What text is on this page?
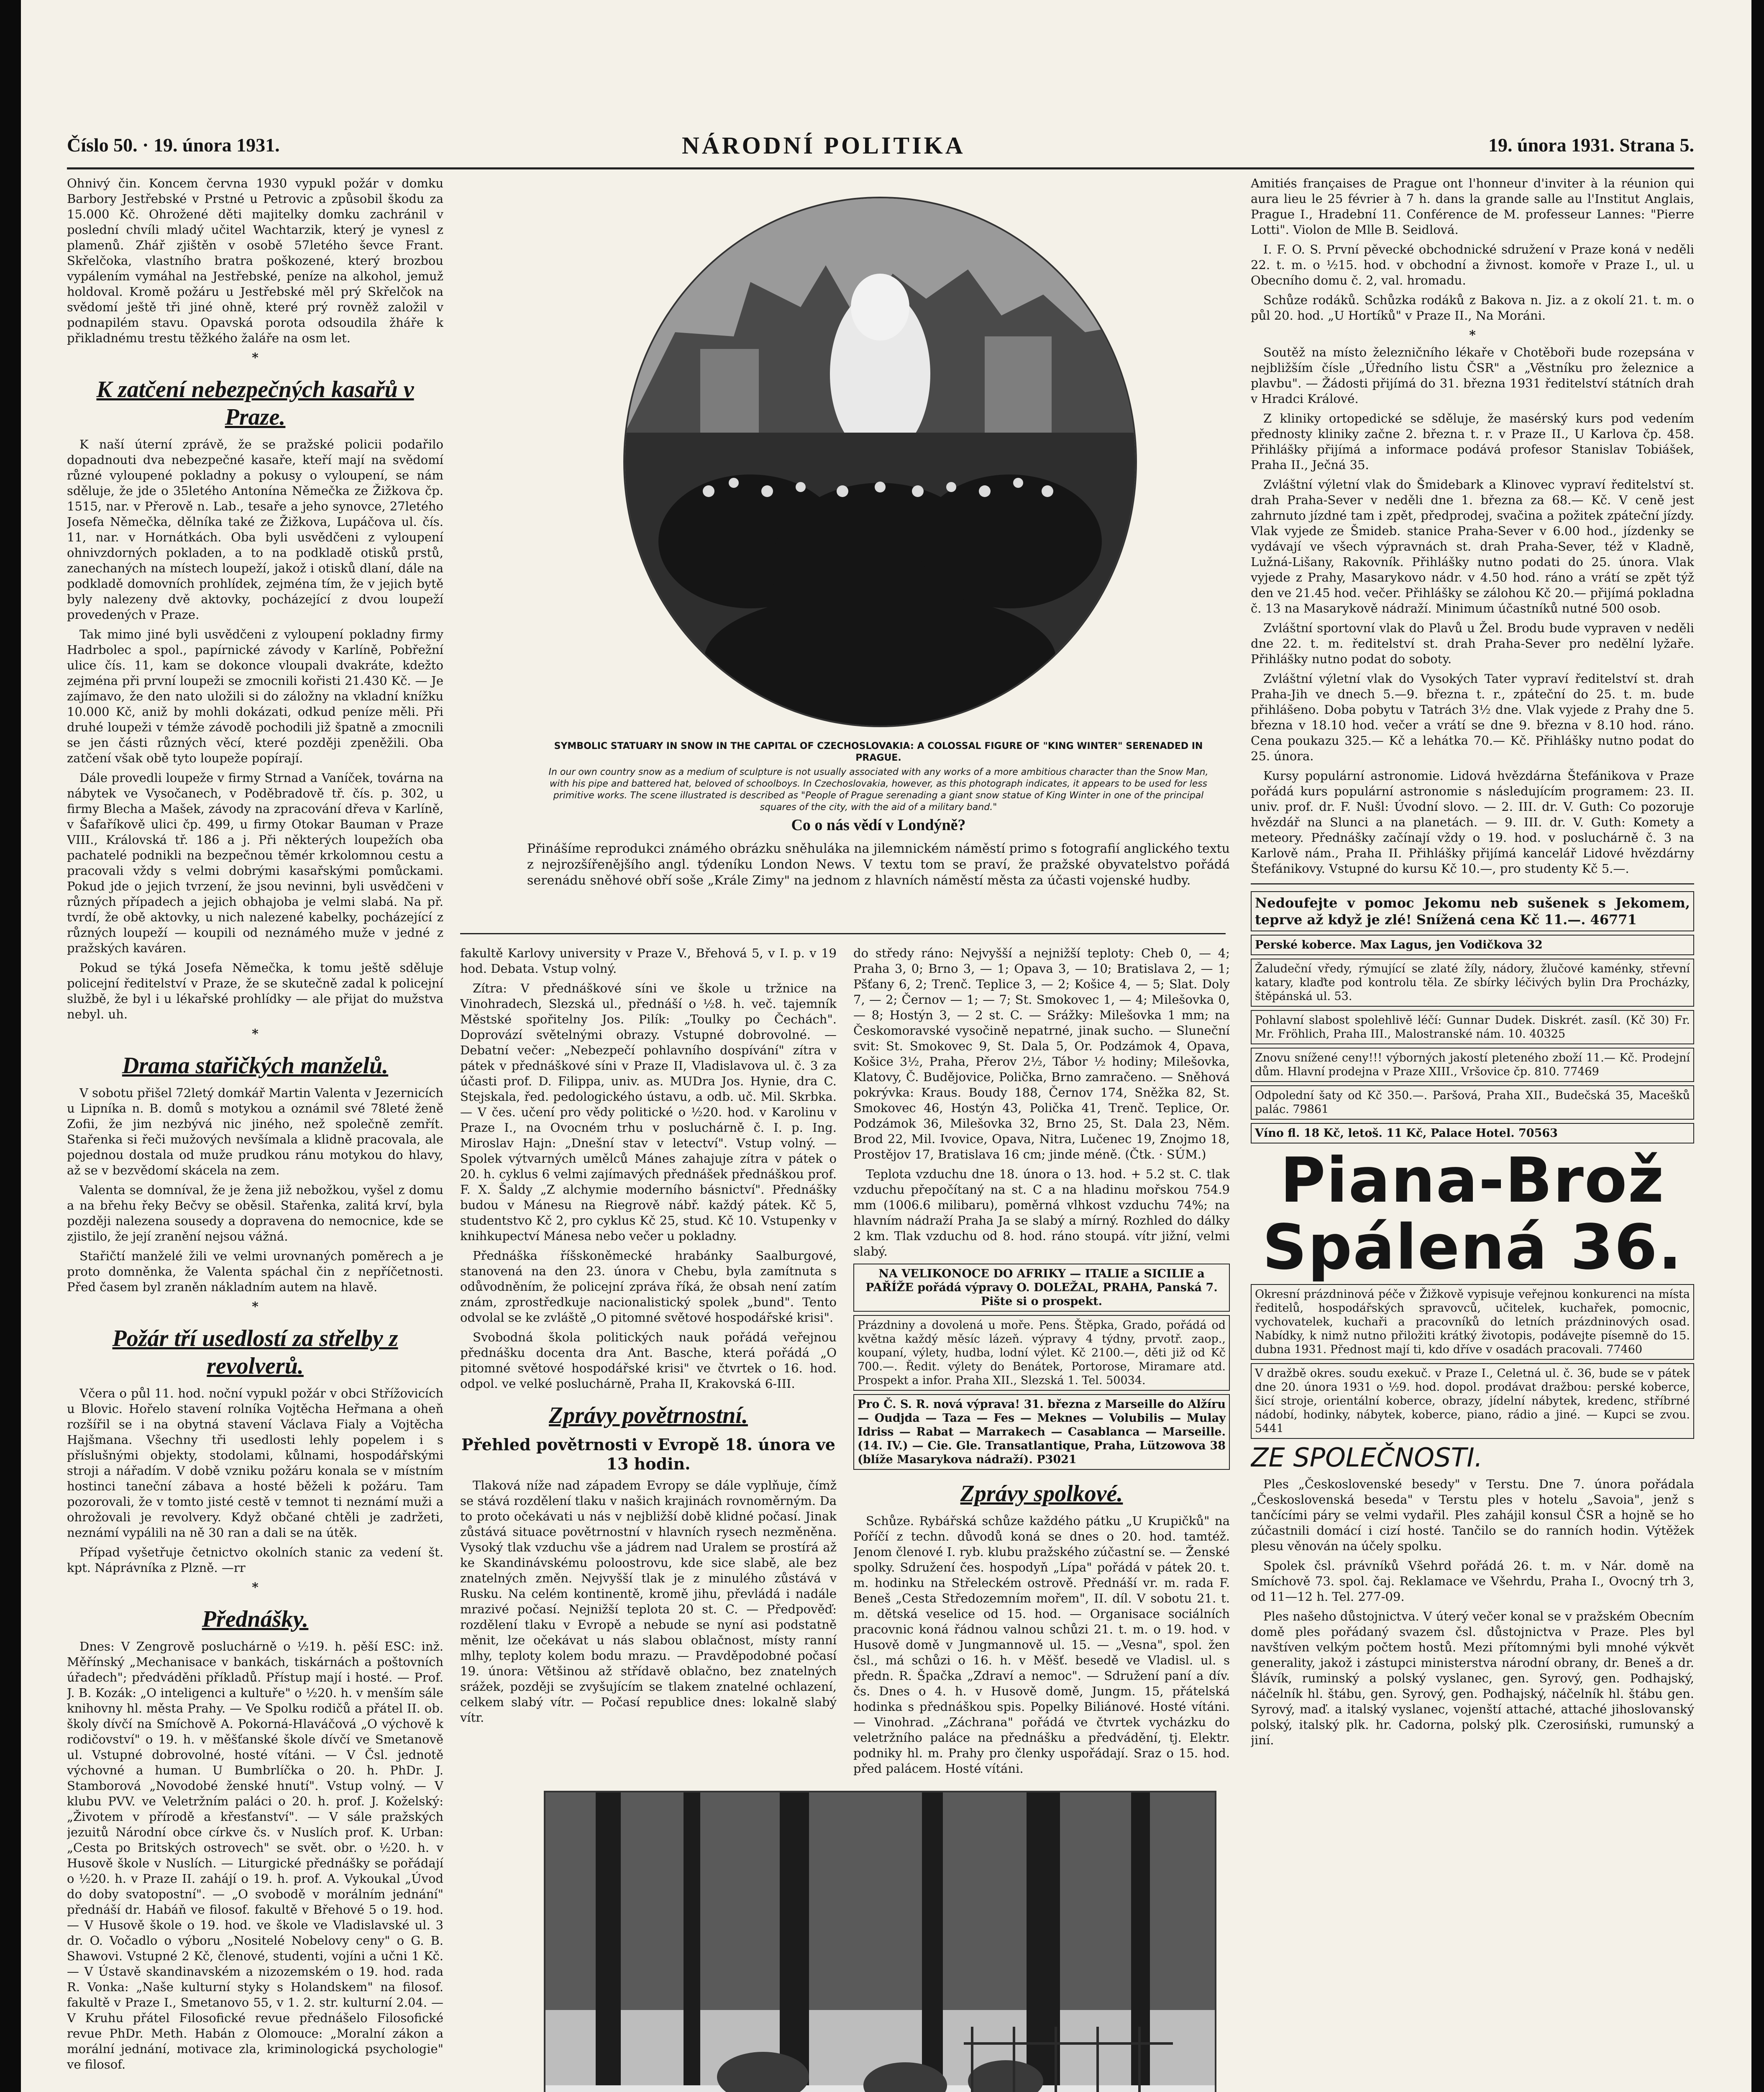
Číslo 50. · 19. února 1931.	NÁRODNÍ POLITIKA	19. února 1931. Strana 5.

Ohnivý čin. Koncem června 1930 vypukl požár v domku Barbory Jestřebské v Prstné u Petrovic a způsobil škodu za 15.000 Kč. Ohrožené děti majitelky domku zachránil v poslední chvíli mladý učitel Wachtarzik, který je vynesl z plamenů. Zhář zjištěn v osobě 57letého ševce Frant. Skřelčoka, vlastního bratra poškozené, který brozbou vypálením vymáhal na Jestřebské, peníze na alkohol, jemuž holdoval. Kromě požáru u Jestřebské měl prý Skřelčok na svědomí ještě tři jiné ohně, které prý rovněž založil v podnapilém stavu. Opavská porota odsoudila žháře k přikladnému trestu těžkého žaláře na osm let.

*
K zatčení nebezpečných kasařů v Praze.

K naší úterní zprávě, že se pražské policii podařilo dopadnouti dva nebezpečné kasaře, kteří mají na svědomí různé vyloupené pokladny a pokusy o vyloupení, se nám sděluje, že jde o 35letého Antonína Němečka ze Žižkova čp. 1515, nar. v Přerově n. Lab., tesaře a jeho synovce, 27letého Josefa Němečka, dělníka také ze Žižkova, Lupáčova ul. čís. 11, nar. v Hornátkách. Oba byli usvědčeni z vyloupení ohnivzdorných pokladen, a to na podkladě otisků prstů, zanechaných na místech loupeží, jakož i otisků dlaní, dále na podkladě domovních prohlídek, zejména tím, že v jejich bytě byly nalezeny dvě aktovky, pocházející z dvou loupeží provedených v Praze.

Tak mimo jiné byli usvědčeni z vyloupení pokladny firmy Hadrbolec a spol., papírnické závody v Karlíně, Pobřežní ulice čís. 11, kam se dokonce vloupali dvakráte, kdežto zejména při první loupeži se zmocnili kořisti 21.430 Kč. — Je zajímavo, že den nato uložili si do záložny na vkladní knížku 10.000 Kč, aniž by mohli dokázati, odkud peníze měli. Při druhé loupeži v témže závodě pochodili již špatně a zmocnili se jen části různých věcí, které později zpeněžili. Oba zatčení však obě tyto loupeže popírají.

Dále provedli loupeže v firmy Strnad a Vaníček, továrna na nábytek ve Vysočanech, v Poděbradově tř. čís. p. 302, u firmy Blecha a Mašek, závody na zpracování dřeva v Karlíně, v Šafaříkově ulici čp. 499, u firmy Otokar Bauman v Praze VIII., Královská tř. 186 a j. Při některých loupežích oba pachatelé podnikli na bezpečnou těmér krkolomnou cestu a pracovali vždy s velmi dobrými kasařskými pomůckami. Pokud jde o jejich tvrzení, že jsou nevinni, byli usvědčeni v různých případech a jejich obhajoba je velmi slabá. Na př. tvrdí, že obě aktovky, u nich nalezené kabelky, pocházející z různých loupeží — koupili od neznámého muže v jedné z pražských kaváren.

Pokud se týká Josefa Němečka, k tomu ještě sděluje policejní ředitelství v Praze, že se skutečně zadal k policejní službě, že byl i u lékařské prohlídky — ale přijat do mužstva nebyl. uh.

*
Drama stařičkých manželů.

V sobotu přišel 72letý domkář Martin Valenta v Jezernicích u Lipníka n. B. domů s motykou a oznámil své 78leté ženě Zofii, že jim nezbývá nic jiného, než společně zemřít. Stařenka si řeči mužových nevšímala a klidně pracovala, ale pojednou dostala od muže prudkou ránu motykou do hlavy, až se v bezvědomí skácela na zem.

Valenta se domníval, že je žena již nebožkou, vyšel z domu a na břehu řeky Bečvy se oběsil. Stařenka, zalitá krví, byla později nalezena sousedy a dopravena do nemocnice, kde se zjistilo, že její zranění nejsou vážná.

Stařičtí manželé žili ve velmi urovnaných poměrech a je proto domněnka, že Valenta spáchal čin z nepříčetnosti. Před časem byl zraněn nákladním autem na hlavě.

*
Požár tří usedlostí za střelby z revolverů.

Včera o půl 11. hod. noční vypukl požár v obci Střížovicích u Blovic. Hořelo stavení rolníka Vojtěcha Heřmana a oheň rozšířil se i na obytná stavení Václava Fialy a Vojtěcha Hajšmana. Všechny tři usedlosti lehly popelem i s příslušnými objekty, stodolami, kůlnami, hospodářskými stroji a nářadím. V době vzniku požáru konala se v místním hostinci taneční zábava a hosté běželi k požáru. Tam pozorovali, že v tomto jisté cestě v temnot ti neznámí muži a ohrožovali je revolvery. Když občané chtěli je zadržeti, neznámí vypálili na ně 30 ran a dali se na útěk.

Případ vyšetřuje četnictvo okolních stanic za vedení št. kpt. Náprávníka z Plzně. —rr

*
Přednášky.

Dnes: V Zengrově posluchárně o ½19. h. pěší ESC: inž. Měřínský „Mechanisace v bankách, tiskárnách a poštovních úřadech"; předváděni příkladů. Přístup mají i hosté. — Prof. J. B. Kozák: „O inteligenci a kultuře" o ½20. h. v menším sále knihovny hl. města Prahy. — Ve Spolku rodičů a přátel II. ob. školy dívčí na Smíchově A. Pokorná-Hlaváčová „O výchově k rodičovství" o 19. h. v měšťanské škole dívčí ve Smetanově ul. Vstupné dobrovolné, hosté vítáni. — V Čsl. jednotě výchovné a human. U Bumbrlíčka o 20. h. PhDr. J. Stamborová „Novodobé ženské hnutí". Vstup volný. — V klubu PVV. ve Veletržním paláci o 20. h. prof. J. Koželský: „Životem v přírodě a křesťanství". — V sále pražských jezuitů Národní obce církve čs. v Nuslích prof. K. Urban: „Cesta po Britských ostrovech" se svět. obr. o ½20. h. v Husově škole v Nuslích. — Liturgické přednášky se pořádají o ½20. h. v Praze II. zahájí o 19. h. prof. A. Vykoukal „Úvod do doby svatopostní". — „O svobodě v morálním jednání" přednáší dr. Habáň ve filosof. fakultě v Břehové 5 o 19. hod. — V Husově škole o 19. hod. ve škole ve Vladislavské ul. 3 dr. O. Vočadlo o výboru „Nositelé Nobelovy ceny" o G. B. Shawovi. Vstupné 2 Kč, členové, studenti, vojíni a učni 1 Kč. — V Ústavě skandinavském a nizozemském o 19. hod. rada R. Vonka: „Naše kulturní styky s Holandskem" na filosof. fakultě v Praze I., Smetanovo 55, v 1. 2. str. kulturní 2.04. — V Kruhu přátel Filosofické revue přednášelo Filosofické revue PhDr. Meth. Habán z Olomouce: „Moralní zákon a morální jednání, motivace zla, kriminologická psychologie" ve filosof.

SYMBOLIC STATUARY IN SNOW IN THE CAPITAL OF CZECHOSLOVAKIA: A COLOSSAL FIGURE OF "KING WINTER" SERENADED IN PRAGUE.
In our own country snow as a medium of sculpture is not usually associated with any works of a more ambitious character than the Snow Man, with his pipe and battered hat, beloved of schoolboys. In Czechoslovakia, however, as this photograph indicates, it appears to be used for less primitive works. The scene illustrated is described as "People of Prague serenading a giant snow statue of King Winter in one of the principal squares of the city, with the aid of a military band."
Co o nás vědí v Londýně?
Přinášíme reprodukci známého obrázku sněhuláka na jilemnickém náměstí primo s fotografií anglického textu z nejrozšířenějšího angl. týdeníku London News. V textu tom se praví, že pražské obyvatelstvo pořádá serenádu sněhové obří soše „Krále Zimy" na jednom z hlavních náměstí města za účasti vojenské hudby.

fakultě Karlovy university v Praze V., Břehová 5, v I. p. v 19 hod. Debata. Vstup volný.

Zítra: V přednáškové síni ve škole u tržnice na Vinohradech, Slezská ul., přednáší o ½8. h. več. tajemník Městské spořitelny Jos. Pilík: „Toulky po Čechách". Doprovází světelnými obrazy. Vstupné dobrovolné. — Debatní večer: „Nebezpečí pohlavního dospívání" zítra v pátek v přednáškové síni v Praze II, Vladislavova ul. č. 3 za účasti prof. D. Filippa, univ. as. MUDra Jos. Hynie, dra C. Stejskala, řed. pedologického ústavu, a odb. uč. Mil. Skrbka. — V čes. učení pro vědy politické o ½20. hod. v Karolinu v Praze I., na Ovocném trhu v posluchárně č. I. p. Ing. Miroslav Hajn: „Dnešní stav v letectví". Vstup volný. — Spolek výtvarných umělců Mánes zahajuje zítra v pátek o 20. h. cyklus 6 velmi zajímavých přednášek přednáškou prof. F. X. Šaldy „Z alchymie moderního básnictví". Přednášky budou v Mánesu na Riegrově nábř. každý pátek. Kč 5, studentstvo Kč 2, pro cyklus Kč 25, stud. Kč 10. Vstupenky v knihkupectví Mánesa nebo večer u pokladny.

Přednáška říšskoněmecké hrabánky Saalburgové, stanovená na den 23. února v Chebu, byla zamítnuta s odůvodněním, že policejní zpráva říká, že obsah není zatím znám, zprostředkuje nacionalistický spolek „bund". Tento odvolal se ke zvláště „O pitomné světové hospodářské krisi".

Svobodná škola politických nauk pořádá veřejnou přednášku docenta dra Ant. Basche, která pořádá „O pitomné světové hospodářské krisi" ve čtvrtek o 16. hod. odpol. ve velké posluchárně, Praha II, Krakovská 6-III.

Zprávy povětrnostní.
Přehled povětrnosti v Evropě 18. února ve 13 hodin.

Tlaková níže nad západem Evropy se dále vyplňuje, čímž se stává rozdělení tlaku v našich krajinách rovnoměrným. Da to proto očekávati u nás v nejbližší době klidné počasí. Jinak zůstává situace povětrnostní v hlavních rysech nezměněna. Vysoký tlak vzduchu vše a jádrem nad Uralem se prostírá až ke Skandinávskému poloostrovu, kde sice slabě, ale bez znatelných změn. Nejvyšší tlak je z minulého zůstává v Rusku. Na celém kontinentě, kromě jihu, převládá i nadále mrazivé počasí. Nejnižší teplota 20 st. C. — Předpověď: rozdělení tlaku v Evropě a nebude se nyní asi podstatně měnit, lze očekávat u nás slabou oblačnost, místy ranní mlhy, teploty kolem bodu mrazu. — Pravděpodobné počasí 19. února: Většinou až střídavě oblačno, bez znatelných srážek, později se zvyšujícím se tlakem znatelné ochlazení, celkem slabý vítr. — Počasí republice dnes: lokalně slabý vítr.

do středy ráno: Nejvyšší a nejnižší teploty: Cheb 0, — 4; Praha 3, 0; Brno 3, — 1; Opava 3, — 10; Bratislava 2, — 1; Pšťany 6, 2; Trenč. Teplice 3, — 2; Košice 4, — 5; Slat. Doly 7, — 2; Černov — 1; — 7; St. Smokovec 1, — 4; Milešovka 0, — 8; Hostýn 3, — 2 st. C. — Srážky: Milešovka 1 mm; na Českomoravské vysočině nepatrné, jinak sucho. — Sluneční svit: St. Smokovec 9, St. Dala 5, Or. Podzámok 4, Opava, Košice 3½, Praha, Přerov 2½, Tábor ½ hodiny; Milešovka, Klatovy, Č. Budějovice, Polička, Brno zamračeno. — Sněhová pokrývka: Kraus. Boudy 188, Černov 174, Sněžka 82, St. Smokovec 46, Hostýn 43, Polička 41, Trenč. Teplice, Or. Podzámok 36, Milešovka 32, Brno 25, St. Dala 23, Něm. Brod 22, Mil. Ivovice, Opava, Nitra, Lučenec 19, Znojmo 18, Prostějov 17, Bratislava 16 cm; jinde méně. (Čtk. · SÚM.)

Teplota vzduchu dne 18. února o 13. hod. + 5.2 st. C. tlak vzduchu přepočítaný na st. C a na hladinu mořskou 754.9 mm (1006.6 milibaru), poměrná vlhkost vzduchu 74%; na hlavním nádraží Praha Ja se slabý a mírný. Rozhled do dálky 2 km. Tlak vzduchu od 8. hod. ráno stoupá. vítr jižní, velmi slabý.

NA VELIKONOCE DO AFRIKY — ITALIE a SICILIE a PAŘÍŽE pořádá výpravy O. DOLEŽAL, PRAHA, Panská 7. Pište si o prospekt.
Prázdniny a dovolená u moře. Pens. Štěpka, Grado, pořádá od května každý měsíc lázeň. výpravy 4 týdny, prvotř. zaop., koupaní, výlety, hudba, lodní výlet. Kč 2100.—, děti již od Kč 700.—. Ředit. výlety do Benátek, Portorose, Miramare atd. Prospekt a infor. Praha XII., Slezská 1. Tel. 50034.
Pro Č. S. R. nová výprava! 31. března z Marseille do Alžíru — Oudjda — Taza — Fes — Meknes — Volubilis — Mulay Idriss — Rabat — Marrakech — Casablanca — Marseille. (14. IV.) — Cie. Gle. Transatlantique, Praha, Lützowova 38 (blíže Masarykova nádraží). P3021
Zprávy spolkové.

Schůze. Rybářská schůze každého pátku „U Krupičků" na Poříčí z techn. důvodů koná se dnes o 20. hod. tamtéž. Jenom členové I. ryb. klubu pražského zúčastní se. — Ženské spolky. Sdružení čes. hospodyň „Lípa" pořádá v pátek 20. t. m. hodinku na Střeleckém ostrově. Přednáší vr. m. rada F. Beneš „Cesta Středozemním mořem", II. díl. V sobotu 21. t. m. dětská veselice od 15. hod. — Organisace sociálních pracovnic koná řádnou valnou schůzi 21. t. m. o 19. hod. v Husově domě v Jungmannově ul. 15. — „Vesna", spol. žen čsl., má schůzi o 16. h. v Měšť. besedě ve Vladisl. ul. s předn. R. Špačka „Zdraví a nemoc". — Sdružení paní a dív. čs. Dnes o 4. h. v Husově domě, Jungm. 15, přátelská hodinka s přednáškou spis. Popelky Biliánové. Hosté vítáni. — Vinohrad. „Záchrana" pořádá ve čtvrtek vycházku do veletržního paláce na přednášku a předvádění, tj. Elektr. podniky hl. m. Prahy pro členky uspořádají. Sraz o 15. hod. před palácem. Hosté vítáni.

Amitiés françaises de Prague ont l'honneur d'inviter à la réunion qui aura lieu le 25 février à 7 h. dans la grande salle au l'Institut Anglais, Prague I., Hradební 11. Conférence de M. professeur Lannes: "Pierre Lotti". Violon de Mlle B. Seidlová.

I. F. O. S. První pěvecké obchodnické sdružení v Praze koná v neděli 22. t. m. o ½15. hod. v obchodní a živnost. komoře v Praze I., ul. u Obecního domu č. 2, val. hromadu.

Schůze rodáků. Schůzka rodáků z Bakova n. Jiz. a z okolí 21. t. m. o půl 20. hod. „U Hortíků" v Praze II., Na Moráni.

*

Soutěž na místo železničního lékaře v Chotěboři bude rozepsána v nejbližším čísle „Úředního listu ČSR" a „Věstníku pro železnice a plavbu". — Žádosti přijímá do 31. března 1931 ředitelství státních drah v Hradci Králové.

Z kliniky ortopedické se sděluje, že masérský kurs pod vedením přednosty kliniky začne 2. března t. r. v Praze II., U Karlova čp. 458. Přihlášky přijímá a informace podává profesor Stanislav Tobiášek, Praha II., Ječná 35.

Zvláštní výletní vlak do Šmidebark a Klinovec vypraví ředitelství st. drah Praha-Sever v neděli dne 1. března za 68.— Kč. V ceně jest zahrnuto jízdné tam i zpět, předprodej, svačina a požitek zpáteční jízdy. Vlak vyjede ze Šmideb. stanice Praha-Sever v 6.00 hod., jízdenky se vydávají ve všech výpravnách st. drah Praha-Sever, též v Kladně, Lužná-Lišany, Rakovník. Přihlášky nutno podati do 25. února. Vlak vyjede z Prahy, Masarykovo nádr. v 4.50 hod. ráno a vrátí se zpět týž den ve 21.45 hod. večer. Přihlášky se zálohou Kč 20.— přijímá pokladna č. 13 na Masarykově nádraží. Minimum účastníků nutné 500 osob.

Zvláštní sportovní vlak do Plavů u Žel. Brodu bude vypraven v neděli dne 22. t. m. ředitelství st. drah Praha-Sever pro nedělní lyžaře. Přihlášky nutno podat do soboty.

Zvláštní výletní vlak do Vysokých Tater vypraví ředitelství st. drah Praha-Jih ve dnech 5.—9. března t. r., zpáteční do 25. t. m. bude přihlášeno. Doba pobytu v Tatrách 3½ dne. Vlak vyjede z Prahy dne 5. března v 18.10 hod. večer a vrátí se dne 9. března v 8.10 hod. ráno. Cena poukazu 325.— Kč a lehátka 70.— Kč. Přihlášky nutno podat do 25. února.

Kursy populární astronomie. Lidová hvězdárna Štefánikova v Praze pořádá kurs populární astronomie s následujícím programem: 23. II. univ. prof. dr. F. Nušl: Úvodní slovo. — 2. III. dr. V. Guth: Co pozoruje hvězdář na Slunci a na planetách. — 9. III. dr. V. Guth: Komety a meteory. Přednášky začínají vždy o 19. hod. v posluchárně č. 3 na Karlově nám., Praha II. Přihlášky přijímá kancelář Lidové hvězdárny Štefánikovy. Vstupné do kursu Kč 10.—, pro studenty Kč 5.—.

Nedoufejte v pomoc Jekomu neb sušenek s Jekomem, teprve až když je zlé! Snížená cena Kč 11.—. 46771
Perské koberce. Max Lagus, jen Vodičkova 32
Žaludeční vředy, rýmující se zlaté žíly, nádory, žlučové kaménky, střevní katary, klaďte pod kontrolu těla. Ze sbírky léčivých bylin Dra Procházky, štěpánská ul. 53.
Pohlavní slabost spolehlivě léčí: Gunnar Dudek. Diskrét. zasíl. (Kč 30) Fr. Mr. Fröhlich, Praha III., Malostranské nám. 10. 40325
Znovu snížené ceny!!! výborných jakostí pleteného zboží 11.— Kč. Prodejní dům. Hlavní prodejna v Praze XIII., Vršovice čp. 810. 77469
Odpolední šaty od Kč 350.—. Paršová, Praha XII., Budečská 35, Macešků palác. 79861
Víno fl. 18 Kč, letoš. 11 Kč, Palace Hotel. 70563
Piana-Brož
Spálená 36.
Okresní prázdninová péče v Žižkově vypisuje veřejnou konkurenci na místa ředitelů, hospodářských spravovců, učitelek, kuchařek, pomocnic, vychovatelek, kuchaři a pracovníků do letních prázdninových osad. Nabídky, k nimž nutno přiložiti krátký životopis, podávejte písemně do 15. dubna 1931. Přednost mají ti, kdo dříve v osadách pracovali. 77460
V dražbě okres. soudu exekuč. v Praze I., Celetná ul. č. 36, bude se v pátek dne 20. února 1931 o ½9. hod. dopol. prodávat dražbou: perské koberce, šicí stroje, orientální koberce, obrazy, jídelní nábytek, kredenc, stříbrné nádobí, hodinky, nábytek, koberce, piano, rádio a jiné. — Kupci se zvou. 5441
ZE SPOLEČNOSTI.

Ples „Československé besedy" v Terstu. Dne 7. února pořádala „Československá beseda" v Terstu ples v hotelu „Savoia", jenž s tančícími páry se velmi vydařil. Ples zahájil konsul ČSR a hojně se ho zúčastnili domácí i cizí hosté. Tančilo se do ranních hodin. Výtěžek plesu věnován na účely spolku.

Spolek čsl. právníků Všehrd pořádá 26. t. m. v Nár. domě na Smíchově 73. spol. čaj. Reklamace ve Všehrdu, Praha I., Ovocný trh 3, od 11—12 h. Tel. 277-09.

Ples našeho důstojnictva. V úterý večer konal se v pražském Obecním domě ples pořádaný svazem čsl. důstojnictva v Praze. Ples byl navštíven velkým počtem hostů. Mezi přítomnými byli mnohé výkvět generality, jakož i zástupci ministerstva národní obrany, dr. Beneš a dr. Šlávík, ruminský a polský vyslanec, gen. Syrový, gen. Podhajský, náčelník hl. štábu, gen. Syrový, gen. Podhajský, náčelník hl. štábu gen. Syrový, maď. a italský vyslanec, vojenští attaché, attaché jihoslovanský polský, italský plk. hr. Cadorna, polský plk. Czerosiński, rumunský a jiní.
